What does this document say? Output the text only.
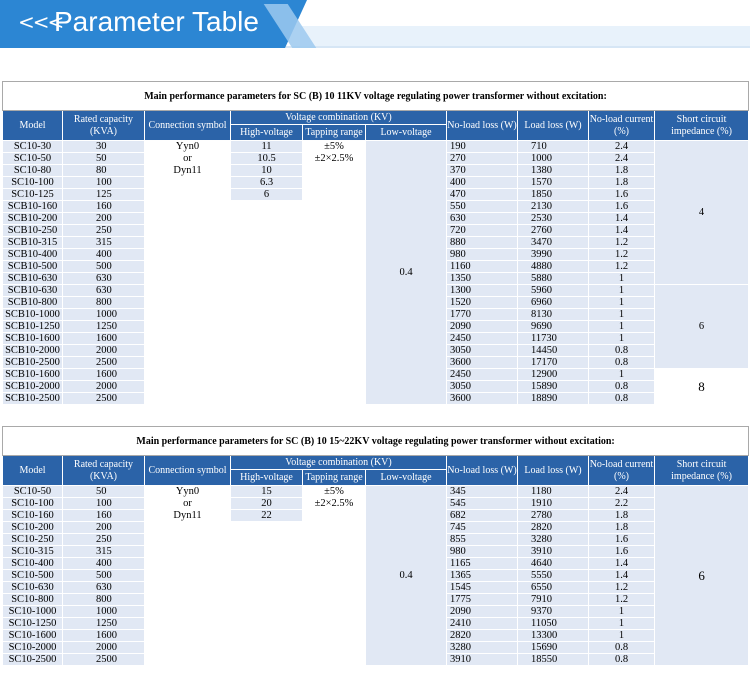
<<<
Parameter Table
Main performance parameters for SC (B) 10 11KV voltage regulating power transformer without excitation:									
Model	Rated capacity (KVA)	Connection symbol	Voltage combination (KV)			No-load loss (W)	Load loss (W)	No-load current (%)	Short circuit impedance (%)
			High-voltage	Tapping range	Low-voltage				
SC10-30	30	Yyn0	11	±5%	0.4	190	710	2.4	4
SC10-50	50	or	10.5	±2×2.5%		270	1000	2.4	
SC10-80	80	Dyn11	10			370	1380	1.8	
SC10-100	100		6.3			400	1570	1.8	
SC10-125	125		6			470	1850	1.6	
SCB10-160	160					550	2130	1.6	
SCB10-200	200					630	2530	1.4	
SCB10-250	250					720	2760	1.4	
SCB10-315	315					880	3470	1.2	
SCB10-400	400					980	3990	1.2	
SCB10-500	500					1160	4880	1.2	
SCB10-630	630					1350	5880	1	
SCB10-630	630					1300	5960	1	6
SCB10-800	800					1520	6960	1	
SCB10-1000	1000					1770	8130	1	
SCB10-1250	1250					2090	9690	1	
SCB10-1600	1600					2450	11730	1	
SCB10-2000	2000					3050	14450	0.8	
SCB10-2500	2500					3600	17170	0.8	
SCB10-1600	1600					2450	12900	1	8
SCB10-2000	2000					3050	15890	0.8	
SCB10-2500	2500					3600	18890	0.8	
Main performance parameters for SC (B) 10 15~22KV voltage regulating power transformer without excitation:									
Model	Rated capacity (KVA)	Connection symbol	Voltage combination (KV)			No-load loss (W)	Load loss (W)	No-load current (%)	Short circuit impedance (%)
			High-voltage	Tapping range	Low-voltage				
SC10-50	50	Yyn0	15	±5%	0.4	345	1180	2.4	6
SC10-100	100	or	20	±2×2.5%		545	1910	2.2	
SC10-160	160	Dyn11	22			682	2780	1.8	
SC10-200	200					745	2820	1.8	
SC10-250	250					855	3280	1.6	
SC10-315	315					980	3910	1.6	
SC10-400	400					1165	4640	1.4	
SC10-500	500					1365	5550	1.4	
SC10-630	630					1545	6550	1.2	
SC10-800	800					1775	7910	1.2	
SC10-1000	1000					2090	9370	1	
SC10-1250	1250					2410	11050	1	
SC10-1600	1600					2820	13300	1	
SC10-2000	2000					3280	15690	0.8	
SC10-2500	2500					3910	18550	0.8	
